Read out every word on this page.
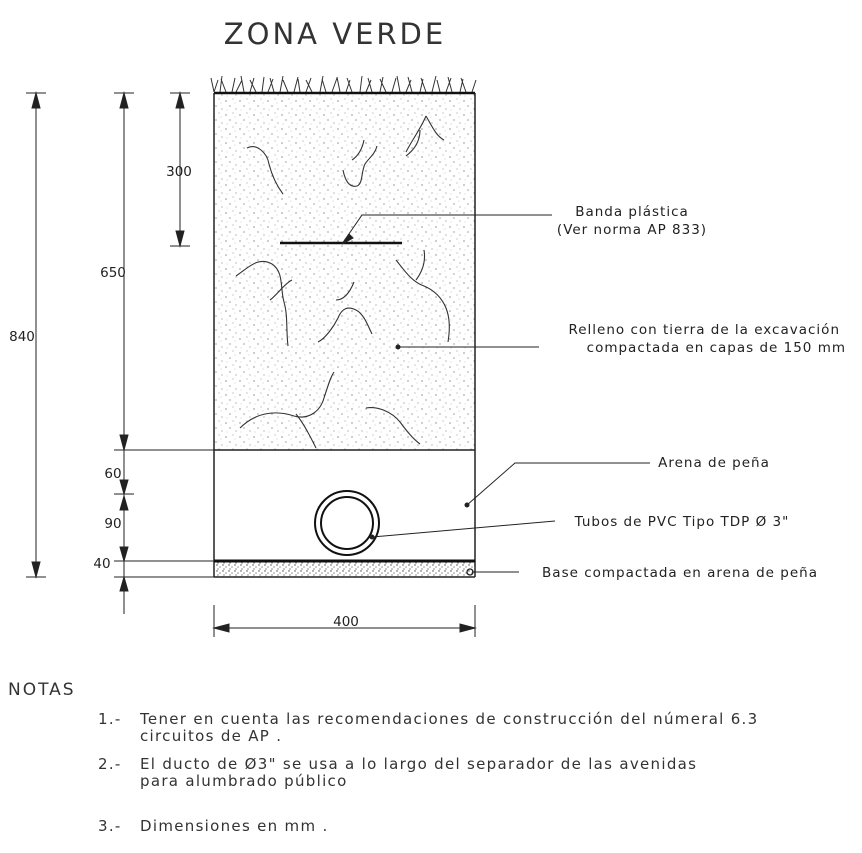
ZONA VERDE
Banda plástica
(Ver norma AP 833)
Relleno con tierra de la excavación
compactada en capas de 150 mm
Arena de peña
Tubos de PVC Tipo TDP Ø 3"
Base compactada en arena de peña
840
650
300
60
90
40
400
NOTAS
1.- Tener en cuenta las recomendaciones de construcción del númeral 6.3
circuitos de AP .
2.- El ducto de Ø3" se usa a lo largo del separador de las avenidas
para alumbrado público
3.- Dimensiones en mm .
